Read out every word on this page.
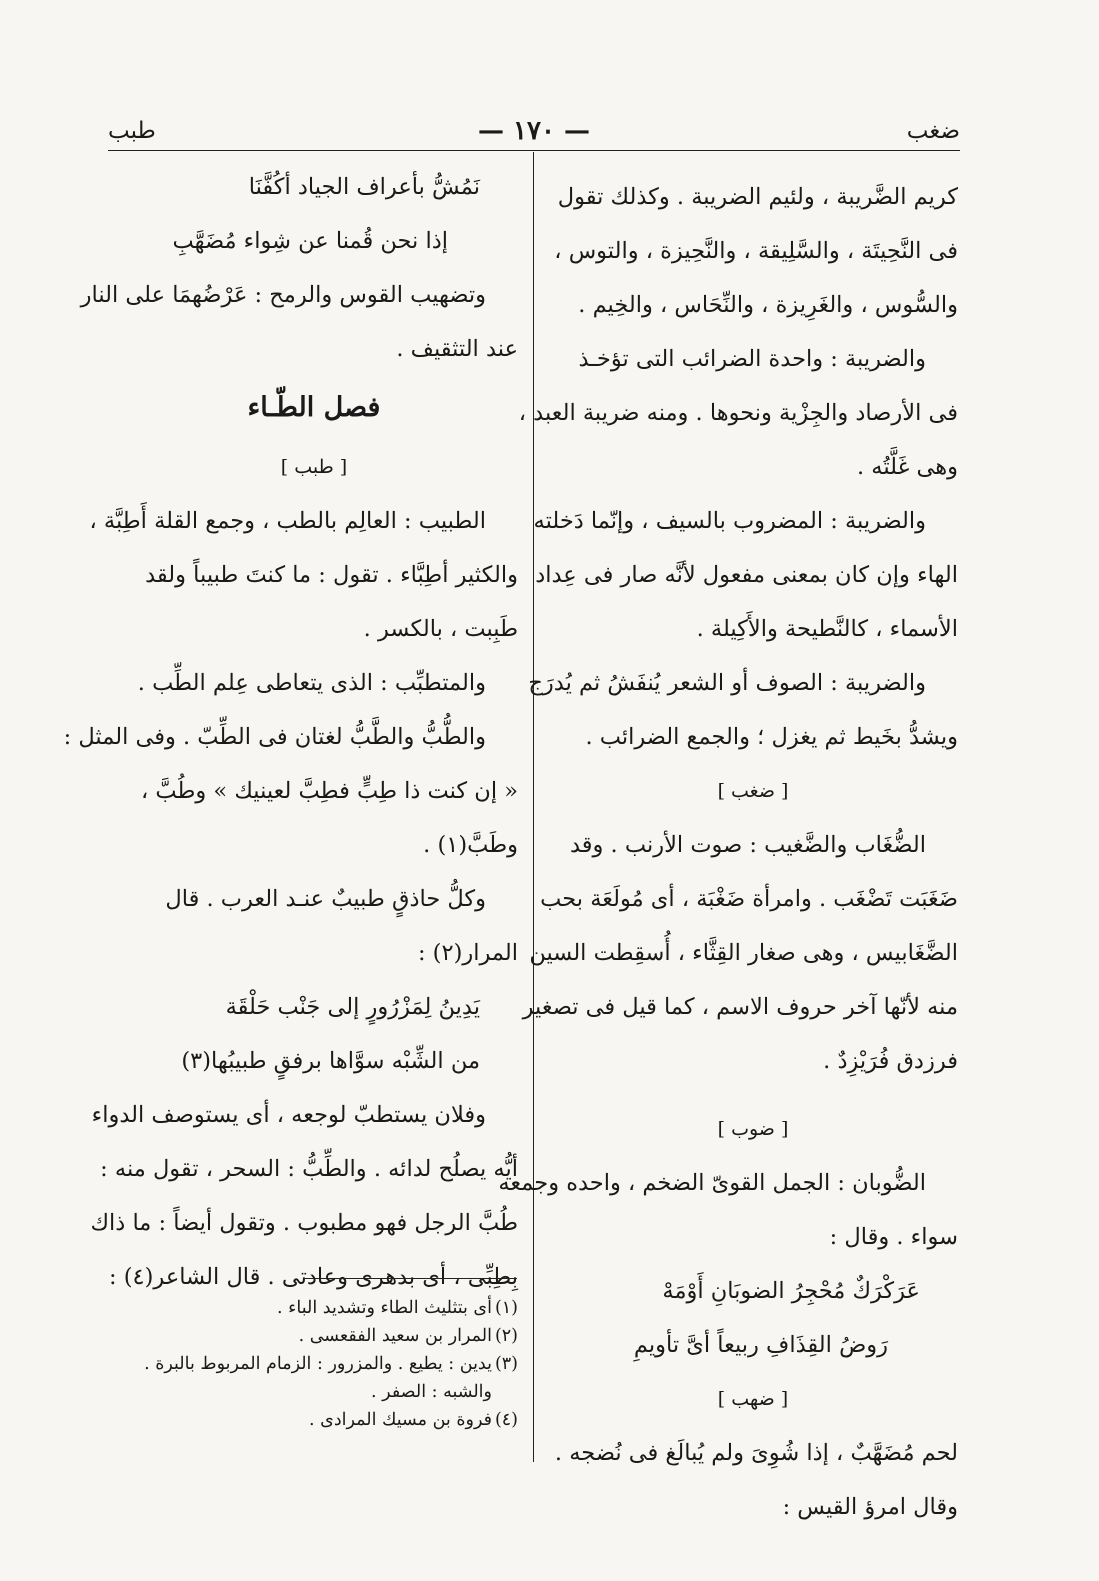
ضغب
— ١٧٠ —
طبب
كريم الضَّريبة ، ولئيم الضريبة . وكذلك تقول
فى النَّحِيتَة ، والسَّلِيقة ، والنَّحِيزة ، والتوس ،
والسُّوس ، والغَرِيزة ، والنِّحَاس ، والخِيم .
والضريبة : واحدة الضرائب التى تؤخـذ
فى الأرصاد والجِزْية ونحوها . ومنه ضريبة العبد ،
وهى غَلَّتُه .
والضريبة : المضروب بالسيف ، وإنّما دَخلته
الهاء وإن كان بمعنى مفعول لأنَّه صار فى عِداد
الأسماء ، كالنَّطيحة والأَكِيلة .
والضريبة : الصوف أو الشعر يُنفَشُ ثم يُدرَج
ويشدُّ بخَيط ثم يغزل ؛ والجمع الضرائب .
[ ضغب ]
الضُّغَاب والضَّغيب : صوت الأرنب . وقد
ضَغَبَت تَضْغَب . وامرأة ضَغْبَة ، أى مُولَعَة بحب
الضَّغَابيس ، وهى صغار القِثَّاء ، أُسقِطت السين
منه لأنّها آخر حروف الاسم ، كما قيل فى تصغير
فرزدق فُرَيْزِدٌ .
[ ضوب ]
الضُّوبان : الجمل القوىّ الضخم ، واحده وجمعه
سواء . وقال :
عَرَكْرَكٌ مُحْجِرُ الضوبَانِ أَوْمَهْ
رَوضُ القِذَافِ ربيعاً أىَّ تأويمِ
[ ضهب ]
لحم مُضَهَّبٌ ، إذا شُوِىَ ولم يُبالَغ فى نُضجه .
وقال امرؤ القيس :
نَمُشُّ بأعراف الجياد أكُفَّنَا
إذا نحن قُمنا عن شِواء مُضَهَّبِ
وتضهيب القوس والرمح : عَرْضُهمَا على النار
عند التثقيف .
فصل الطّـاء
[ طبب ]
الطبيب : العالِم بالطب ، وجمع القلة أَطِبَّة ،
والكثير أطِبَّاء . تقول : ما كنتَ طبيباً ولقد
طَبِبت ، بالكسر .
والمتطبِّب : الذى يتعاطى عِلم الطِّب .
والطُّبُّ والطَّبُّ لغتان فى الطِّبّ . وفى المثل :
« إن كنت ذا طِبٍّ فطِبَّ لعينيك » وطُبَّ ،
وطَبَّ(١) .
وكلُّ حاذقٍ طبيبٌ عنـد العرب . قال
المرار(٢) :
يَدِينُ لِمَزْرُورٍ إلى جَنْب حَلْقَة
من الشِّبْه سوَّاها برفقٍ طبيبُها(٣)
وفلان يستطبّ لوجعه ، أى يستوصف الدواء
أيُّه يصلُح لدائه . والطِّبُّ : السحر ، تقول منه :
طُبَّ الرجل فهو مطبوب . وتقول أيضاً : ما ذاك
بِطِبِّى ، أى بدهرى وعادتى . قال الشاعر(٤) :
(١)أى بتثليث الطاء وتشديد الباء .
(٢)المرار بن سعيد الفقعسى .
(٣)يدين : يطيع . والمزرور : الزمام المربوط بالبرة .
والشبه : الصفر .
(٤)فروة بن مسيك المرادى .
